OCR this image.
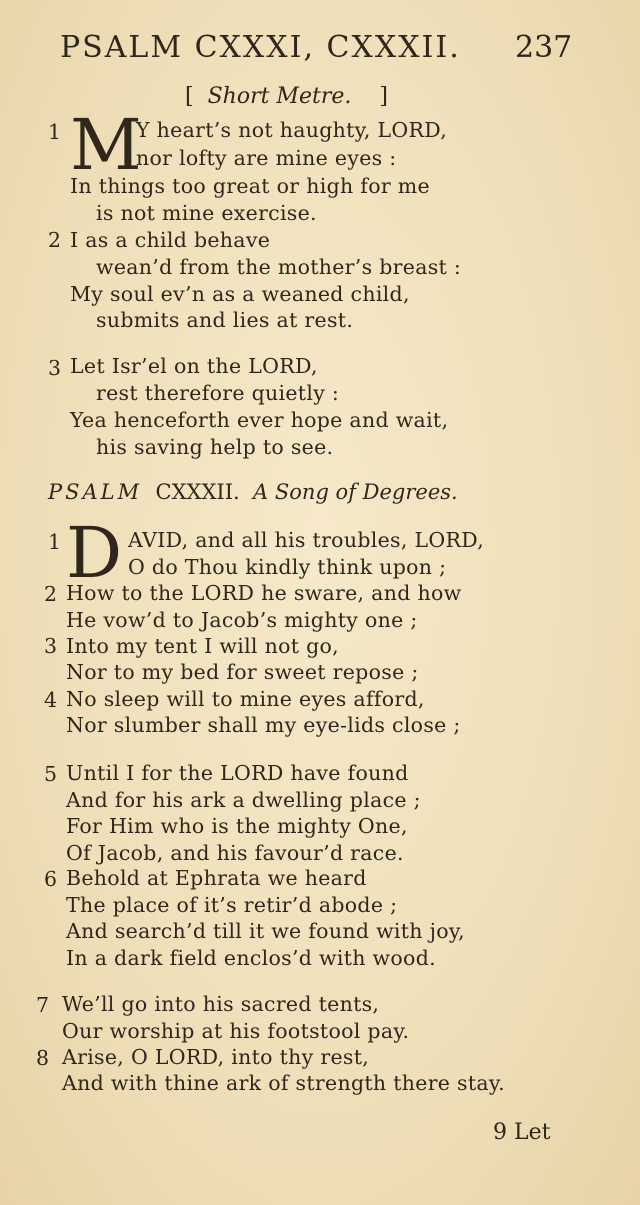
PSALM CXXXI, CXXXII. 237
[ Short Metre. ]
1 M
Y heart’s not haughty, LORD,
nor lofty are mine eyes :
In things too great or high for me
is not mine exercise.
2 I as a child behave
wean’d from the mother’s breast :
My soul ev’n as a weaned child,
submits and lies at rest.
3 Let Isr’el on the LORD,
rest therefore quietly :
Yea henceforth ever hope and wait,
his saving help to see.
PSALM CXXXII. A Song of Degrees.
1 D AVID, and all his troubles, LORD,
O do Thou kindly think upon ;
2 How to the LORD he sware, and how
He vow’d to Jacob’s mighty one ;
3 Into my tent I will not go,
Nor to my bed for sweet repose ;
4 No sleep will to mine eyes afford,
Nor slumber shall my eye-lids close ;
5 Until I for the LORD have found
And for his ark a dwelling place ;
For Him who is the mighty One,
Of Jacob, and his favour’d race.
6 Behold at Ephrata we heard
The place of it’s retir’d abode ;
And search’d till it we found with joy,
In a dark field enclos’d with wood.
7 We’ll go into his sacred tents,
Our worship at his footstool pay.
8 Arise, O LORD, into thy rest,
And with thine ark of strength there stay.
9 Let
